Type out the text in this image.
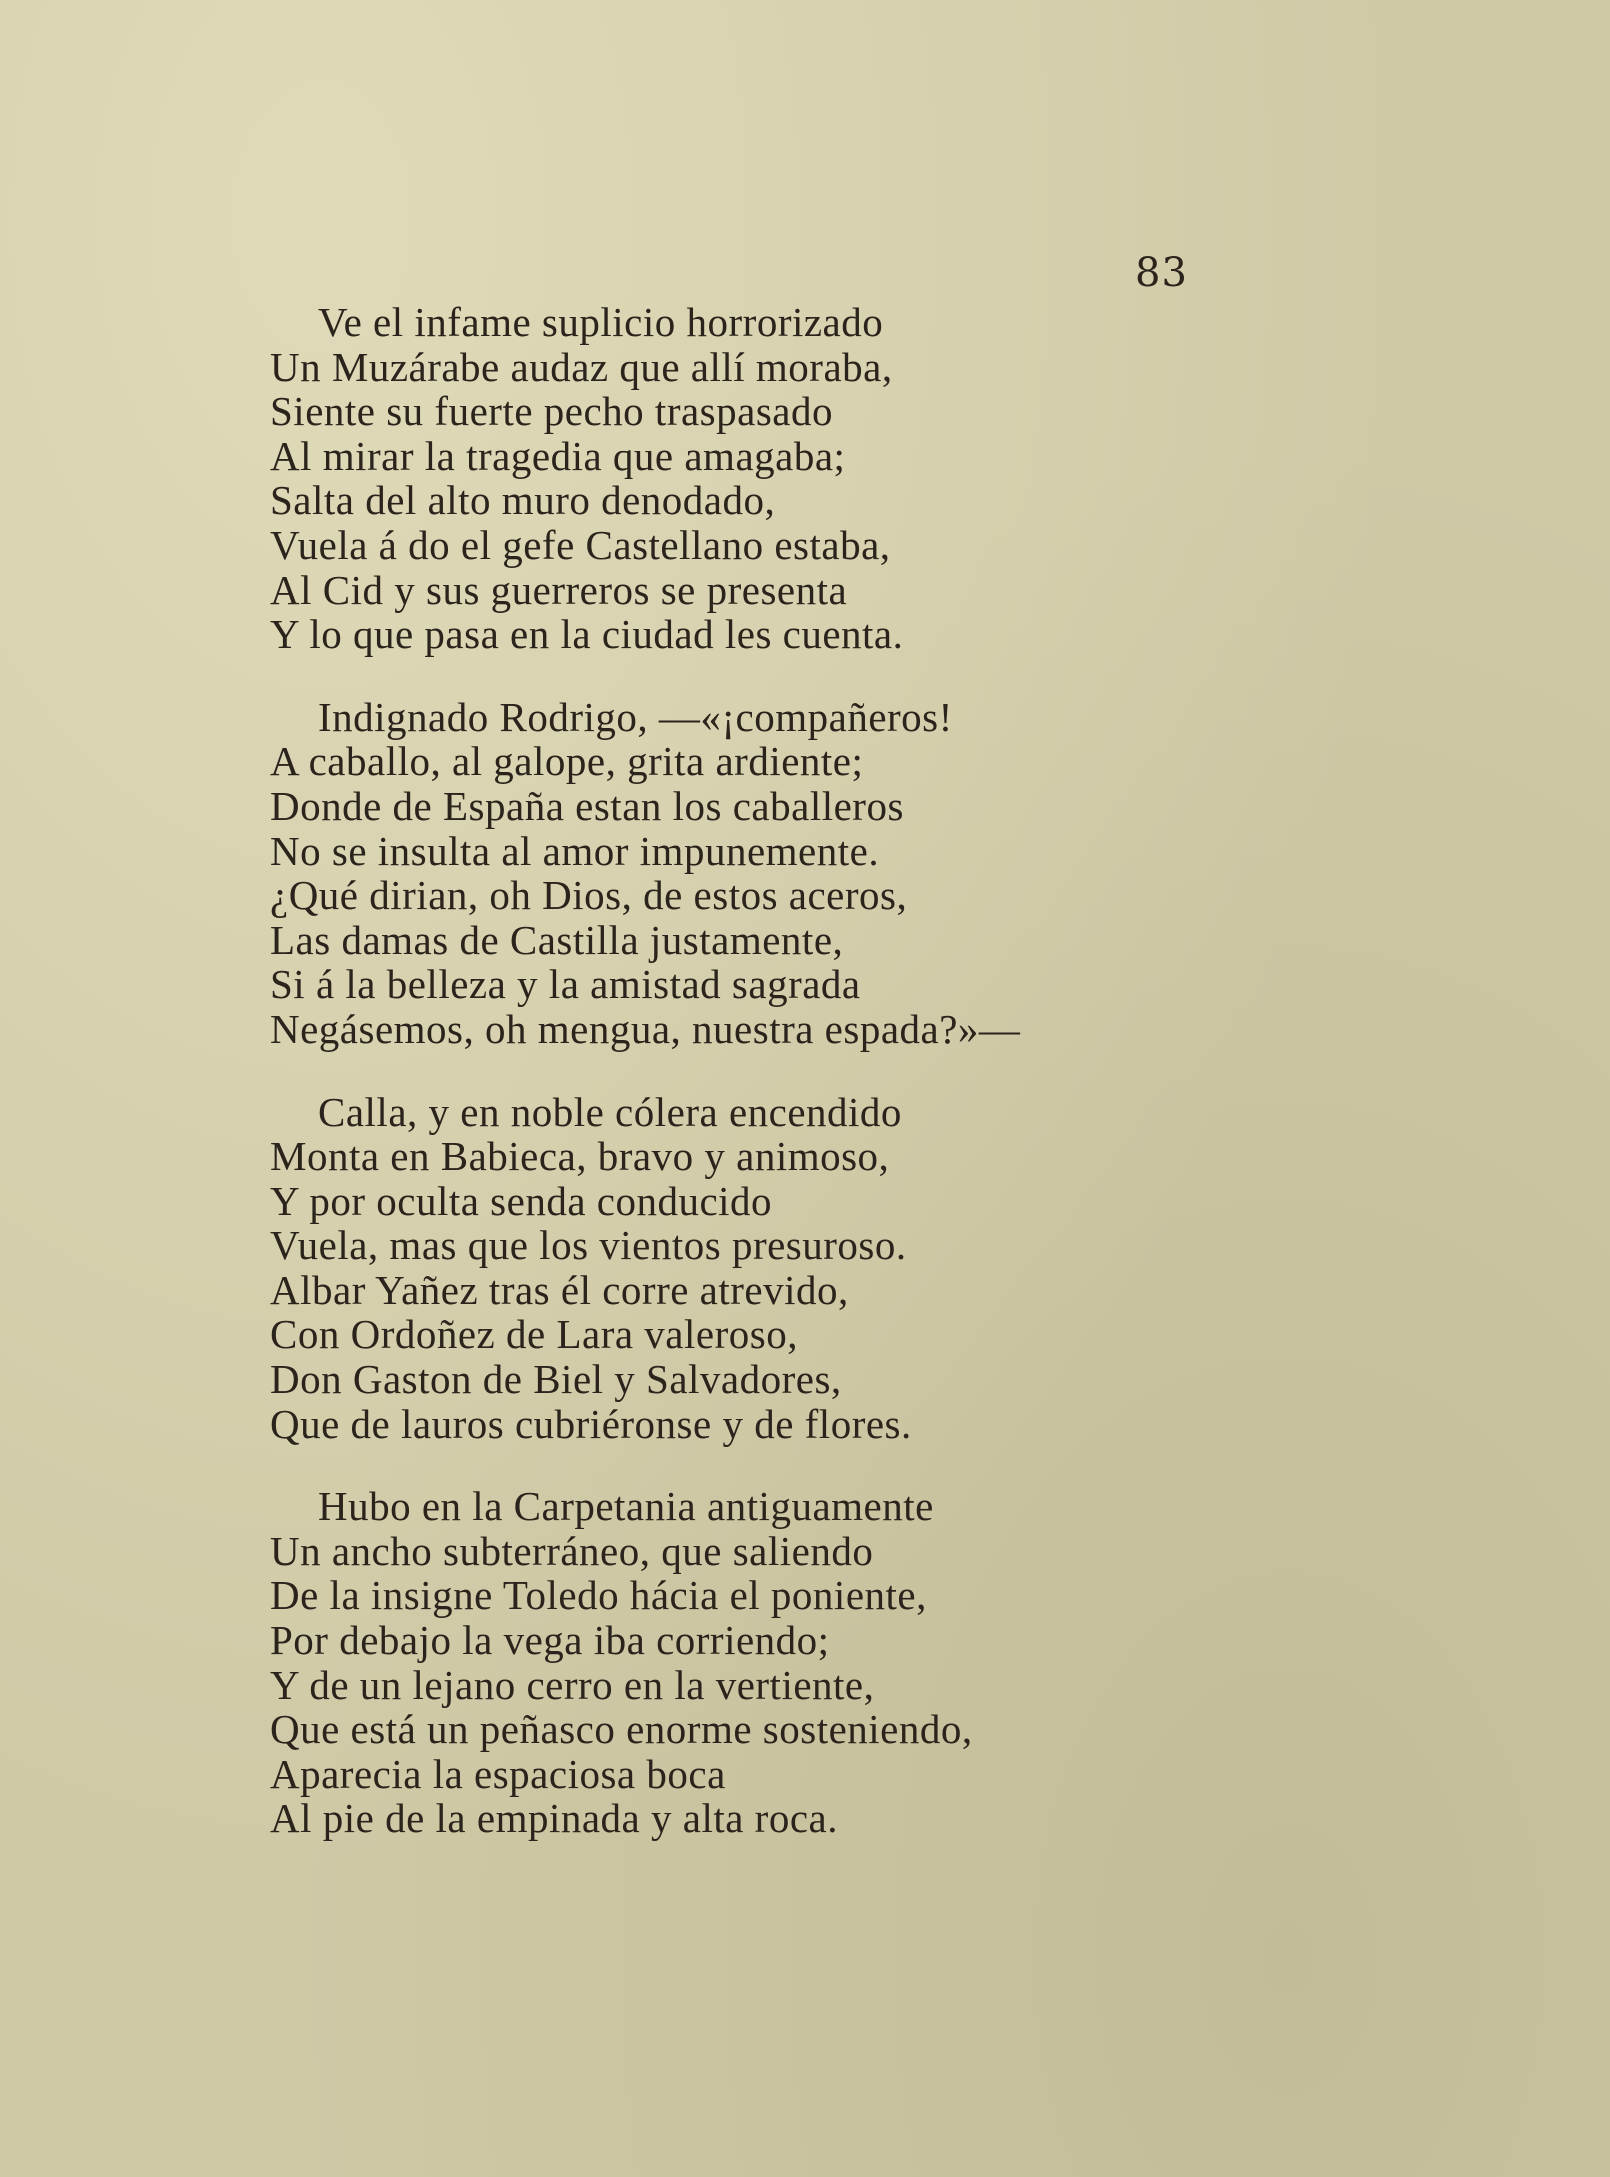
83
Ve el infame suplicio horrorizado
Un Muzárabe audaz que allí moraba,
Siente su fuerte pecho traspasado
Al mirar la tragedia que amagaba;
Salta del alto muro denodado,
Vuela á do el gefe Castellano estaba,
Al Cid y sus guerreros se presenta
Y lo que pasa en la ciudad les cuenta.
Indignado Rodrigo, —«¡compañeros!
A caballo, al galope, grita ardiente;
Donde de España estan los caballeros
No se insulta al amor impunemente.
¿Qué dirian, oh Dios, de estos aceros,
Las damas de Castilla justamente,
Si á la belleza y la amistad sagrada
Negásemos, oh mengua, nuestra espada?»—
Calla, y en noble cólera encendido
Monta en Babieca, bravo y animoso,
Y por oculta senda conducido
Vuela, mas que los vientos presuroso.
Albar Yañez tras él corre atrevido,
Con Ordoñez de Lara valeroso,
Don Gaston de Biel y Salvadores,
Que de lauros cubriéronse y de flores.
Hubo en la Carpetania antiguamente
Un ancho subterráneo, que saliendo
De la insigne Toledo hácia el poniente,
Por debajo la vega iba corriendo;
Y de un lejano cerro en la vertiente,
Que está un peñasco enorme sosteniendo,
Aparecia la espaciosa boca
Al pie de la empinada y alta roca.
